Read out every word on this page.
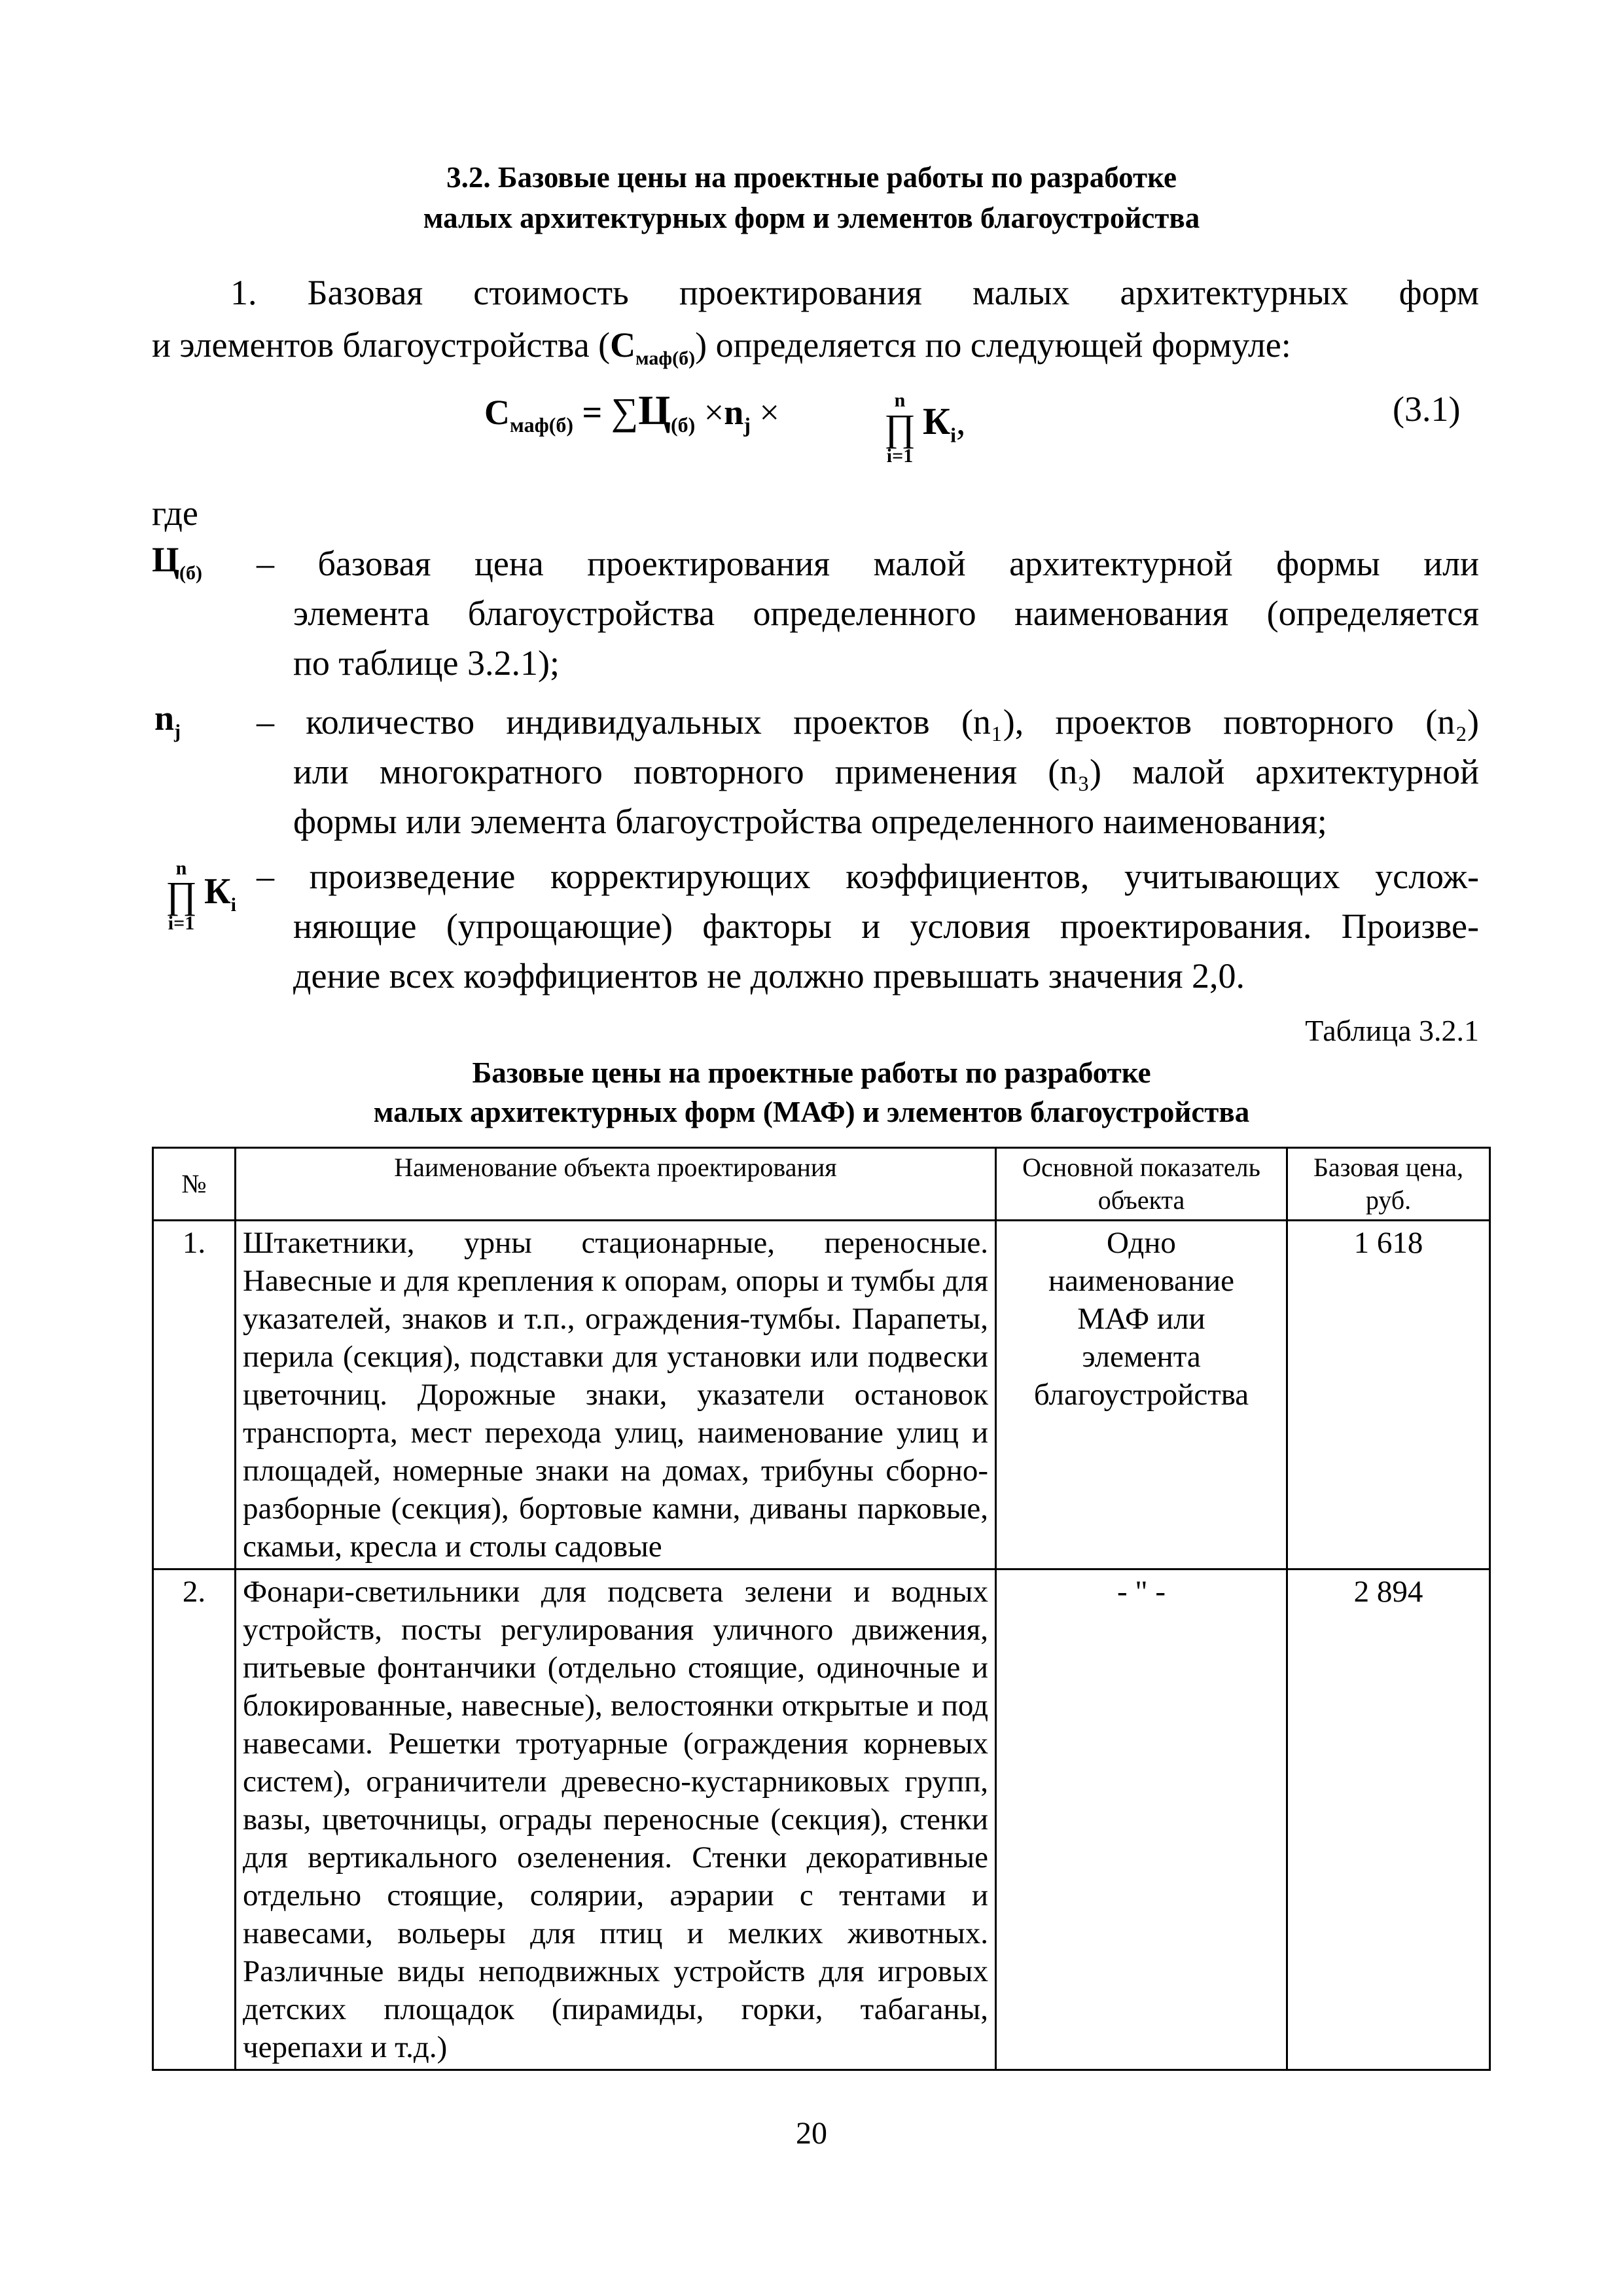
3.2. Базовые цены на проектные работы по разработке
малых архитектурных форм и элементов благоустройства
1. Базовая стоимость проектирования малых архитектурных форм
и элементов благоустройства $(С_{маф(б)})$ определяется по следующей формуле:
$С_{маф(б)} = \sum Ц_{(б)} \times n_j$ ×	n
∏
i=1
$К_i$,	(3.1)
где
$Ц_{(б)}$ – базовая цена проектирования малой архитектурной формы или
элемента благоустройства определенного наименования (определяется
по таблице 3.2.1);
$n_j$ – количество индивидуальных проектов (n₁), проектов повторного (n₂)
или многократного повторного применения (n₃) малой архитектурной
формы или элемента благоустройства определенного наименования;
n
∏
i=1
$К_i$
– произведение корректирующих коэффициентов, учитывающих услож-
няющие (упрощающие) факторы и условия проектирования. Произве-
дение всех коэффициентов не должно превышать значения 2,0.
Таблица 3.2.1
Базовые цены на проектные работы по разработке
малых архитектурных форм (МАФ) и элементов благоустройства
№	Наименование объекта проектирования	Основной показатель объекта	Базовая цена, руб.
1.	Штакетники, урны стационарные, переносные. Навесные и для крепления к опорам, опоры и тумбы для указателей, знаков и т.п., ограждения-тумбы. Парапеты, перила (секция), подставки для установки или подвески цветочниц. Дорожные знаки, указатели остановок транспорта, мест перехода улиц, наименование улиц и площадей, номерные знаки на домах, трибуны сборно-разборные (секция), бортовые камни, диваны парковые, скамьи, кресла и столы садовые	Одно наименование МАФ или элемента благоустройства	1 618
2.	Фонари-светильники для подсвета зелени и водных устройств, посты регулирования уличного движения, питьевые фонтанчики (отдельно стоящие, одиночные и блокированные, навесные), велостоянки открытые и под навесами. Решетки тротуарные (ограждения корневых систем), ограничители древесно-кустарниковых групп, вазы, цветочницы, ограды переносные (секция), стенки для вертикального озеленения. Стенки декоративные отдельно стоящие, солярии, аэрарии с тентами и навесами, вольеры для птиц и мелких животных. Различные виды неподвижных устройств для игровых детских площадок (пирамиды, горки, табаганы, черепахи и т.д.)	- " -	2 894
20
